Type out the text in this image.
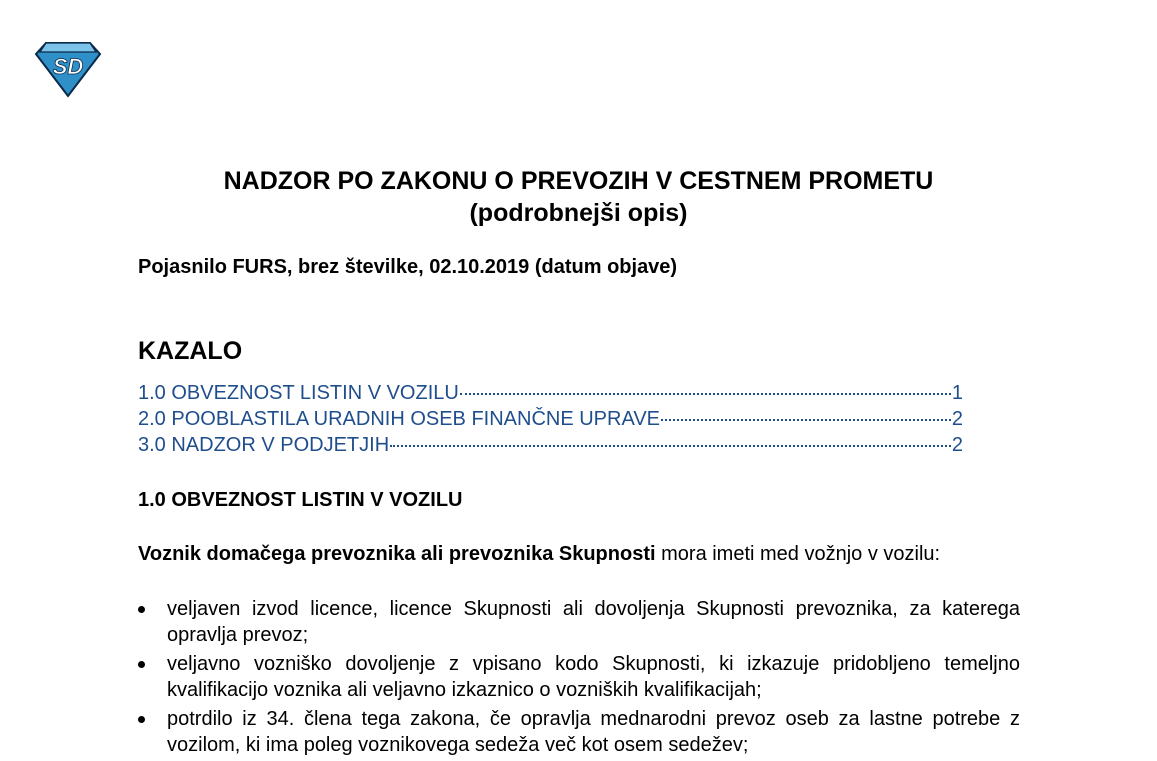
SD
NADZOR PO ZAKONU O PREVOZIH V CESTNEM PROMETU
(podrobnejši opis)
Pojasnilo FURS, brez številke, 02.10.2019 (datum objave)
KAZALO
1.0 OBVEZNOST LISTIN V VOZILU	1
2.0 POOBLASTILA URADNIH OSEB FINANČNE UPRAVE	2
3.0 NADZOR V PODJETJIH	2
1.0 OBVEZNOST LISTIN V VOZILU

Voznik domačega prevoznika ali prevoznika Skupnosti mora imeti med vožnjo v vozilu:

veljaven izvod licence, licence Skupnosti ali dovoljenja Skupnosti prevoznika, za katerega opravlja prevoz;
veljavno vozniško dovoljenje z vpisano kodo Skupnosti, ki izkazuje pridobljeno temeljno kvalifikacijo voznika ali veljavno izkaznico o vozniških kvalifikacijah;
potrdilo iz 34. člena tega zakona, če opravlja mednarodni prevoz oseb za lastne potrebe z vozilom, ki ima poleg voznikovega sedeža več kot osem sedežev;
